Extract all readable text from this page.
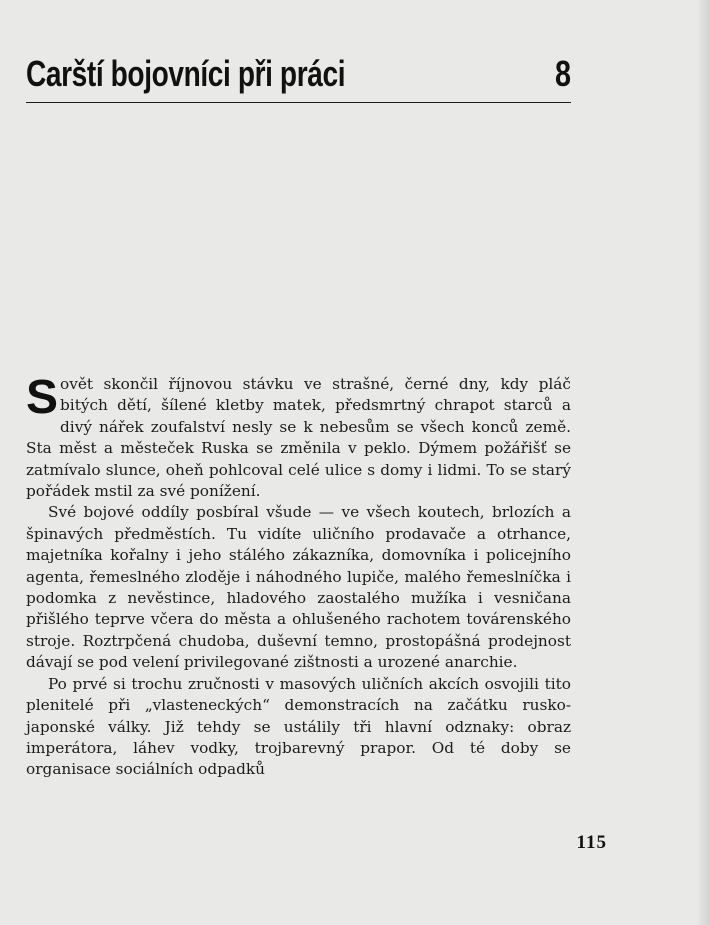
Carští bojovníci při práci	8

Sovět skončil říjnovou stávku ve strašné, černé dny, kdy pláč bitých dětí, šílené kletby matek, předsmrtný chrapot starců a divý nářek zoufalství nesly se k nebesům se všech konců země. Sta měst a městeček Ruska se změnila v peklo. Dýmem požářišť se zatmívalo slunce, oheň pohlcoval celé ulice s domy i lidmi. To se starý pořádek mstil za své ponížení.

Své bojové oddíly posbíral všude — ve všech koutech, brlozích a špinavých předměstích. Tu vidíte uličního prodavače a otrhance, majetníka kořalny i jeho stálého zákazníka, domovníka i policejního agenta, řemeslného zloděje i náhodného lupiče, malého řemeslníčka i podomka z nevěstince, hladového zaostalého mužíka i vesničana přišlého teprve včera do města a ohlušeného rachotem továrenského stroje. Roztrpčená chudoba, duševní temno, prostopášná prodejnost dávají se pod velení privilegované zištnosti a urozené anarchie.

Po prvé si trochu zručnosti v masových uličních akcích osvojili tito plenitelé při „vlasteneckých“ demonstracích na začátku rusko-japonské války. Již tehdy se ustálily tři hlavní odznaky: obraz imperátora, láhev vodky, trojbarevný prapor. Od té doby se organisace sociálních odpadků

115
